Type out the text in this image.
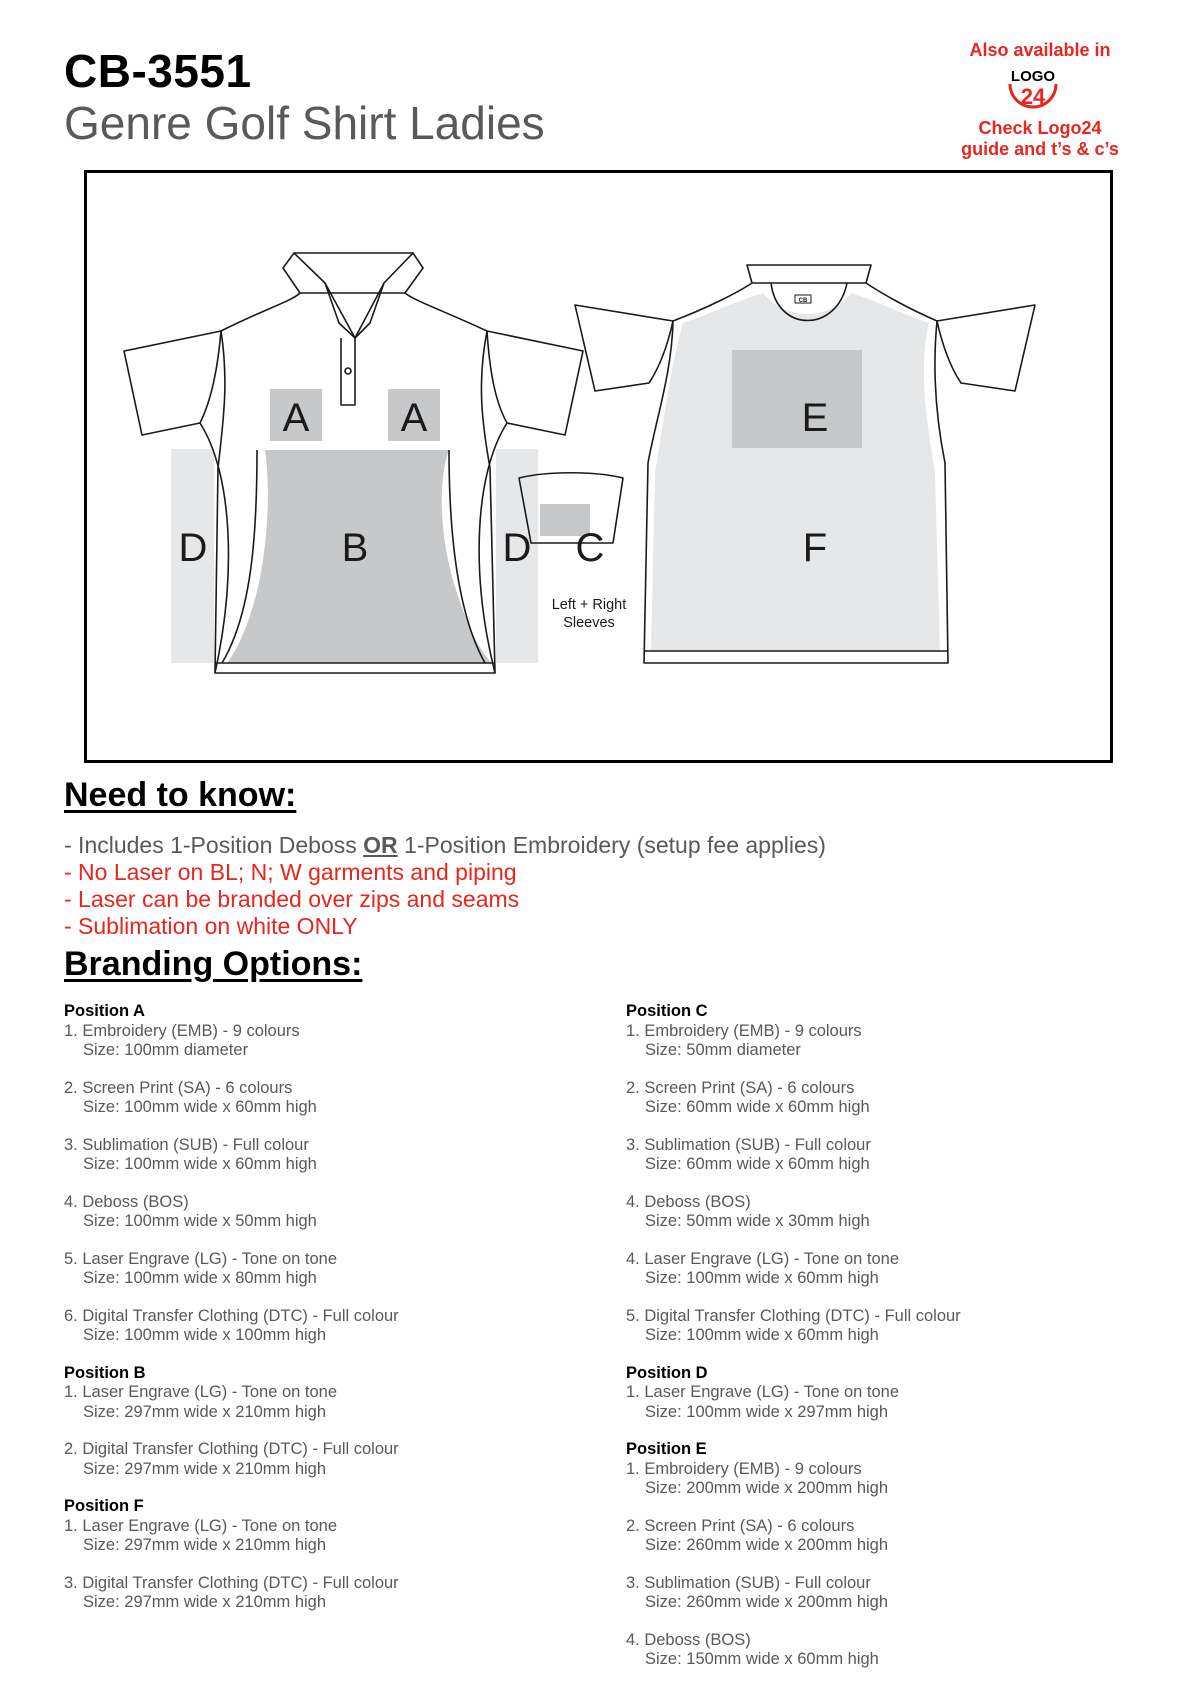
CB-3551
Genre Golf Shirt Ladies
Also available in
LOGO
24
Check Logo24
guide and t’s & c’s
A A
B
D	D C
E
F
Left + Right
Sleeves
CB
Need to know:
- Includes 1-Position Deboss OR 1-Position Embroidery (setup fee applies)
- No Laser on BL; N; W garments and piping
- Laser can be branded over zips and seams
- Sublimation on white ONLY
Branding Options:
Position A
1. Embroidery (EMB) - 9 colours
Size: 100mm diameter
2. Screen Print (SA) - 6 colours
Size: 100mm wide x 60mm high
3. Sublimation (SUB) - Full colour
Size: 100mm wide x 60mm high
4. Deboss (BOS)
Size: 100mm wide x 50mm high
5. Laser Engrave (LG) - Tone on tone
Size: 100mm wide x 80mm high
6. Digital Transfer Clothing (DTC) - Full colour
Size: 100mm wide x 100mm high
Position B
1. Laser Engrave (LG) - Tone on tone
Size: 297mm wide x 210mm high
2. Digital Transfer Clothing (DTC) - Full colour
Size: 297mm wide x 210mm high
Position F
1. Laser Engrave (LG) - Tone on tone
Size: 297mm wide x 210mm high
3. Digital Transfer Clothing (DTC) - Full colour
Size: 297mm wide x 210mm high
Position C
1. Embroidery (EMB) - 9 colours
Size: 50mm diameter
2. Screen Print (SA) - 6 colours
Size: 60mm wide x 60mm high
3. Sublimation (SUB) - Full colour
Size: 60mm wide x 60mm high
4. Deboss (BOS)
Size: 50mm wide x 30mm high
4. Laser Engrave (LG) - Tone on tone
Size: 100mm wide x 60mm high
5. Digital Transfer Clothing (DTC) - Full colour
Size: 100mm wide x 60mm high
Position D
1. Laser Engrave (LG) - Tone on tone
Size: 100mm wide x 297mm high
Position E
1. Embroidery (EMB) - 9 colours
Size: 200mm wide x 200mm high
2. Screen Print (SA) - 6 colours
Size: 260mm wide x 200mm high
3. Sublimation (SUB) - Full colour
Size: 260mm wide x 200mm high
4. Deboss (BOS)
Size: 150mm wide x 60mm high
